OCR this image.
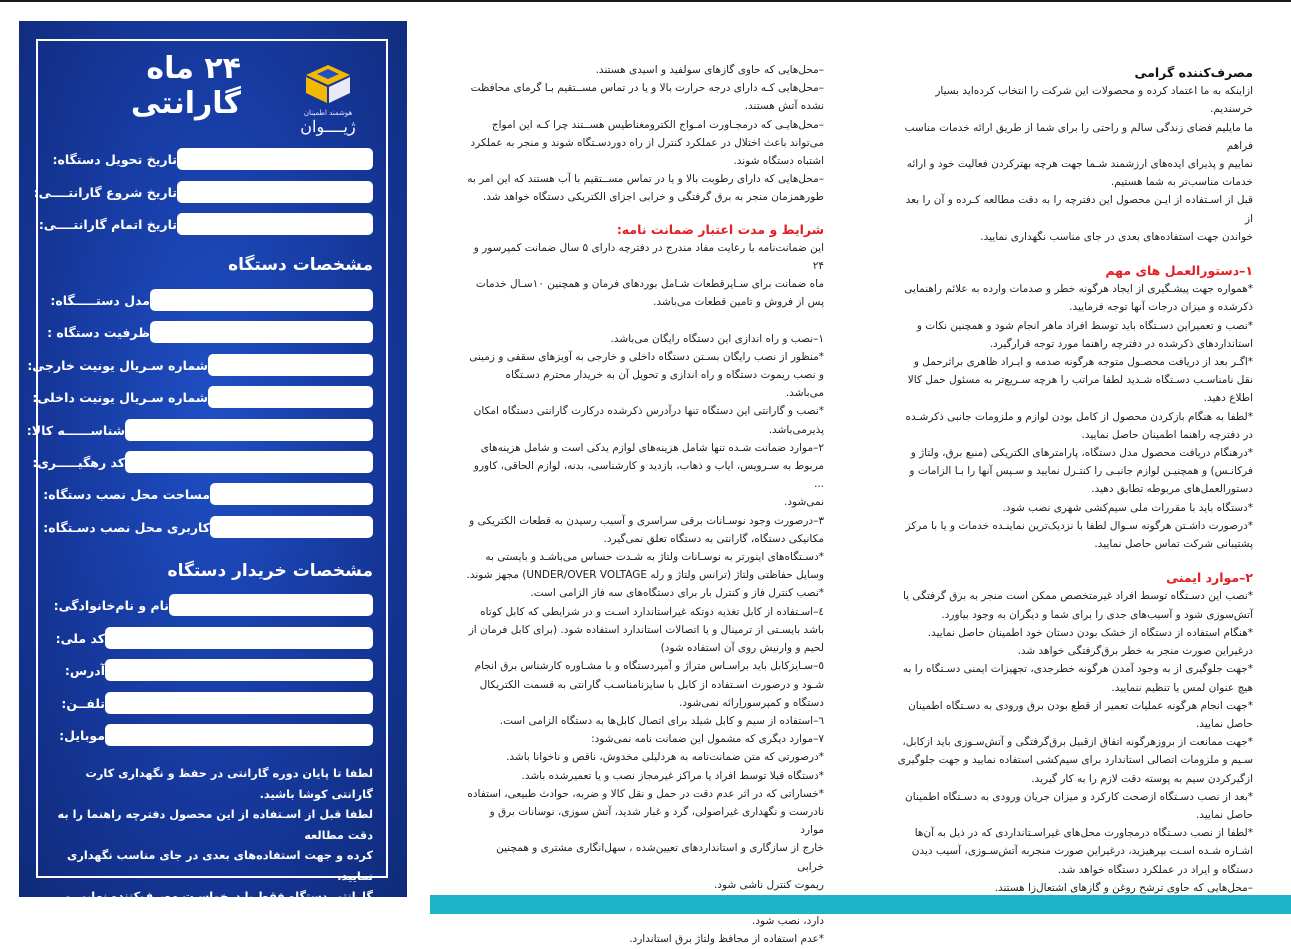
هوشمند اطمینان
ژیــــوان
۲۴ ماه گارانتی
تاریخ تحویل دستگاه:
تاریخ شروع گارانتــــی:
تاریخ اتمام گارانتــــی:
مشخصات دستگاه
مدل دستـــــگاه:
ظرفیت دستگاه :
شماره سـریال یونیت خارجی:
شماره سـریال یونیت داخلی:
شناســــــه کالا:
کد رهگیـــــری:
مساحت محل نصب دستگاه:
کاربری محل نصب دسـتگاه:
مشخصات خریدار دستگاه
نام و نام‌خانوادگی:
کد ملی:
آدرس:
تلفــن:
موبایل:
لطفا تا پایان دوره گارانتی در حفظ و نگهداری کارت گارانتی کوشا باشید.
لطفا قبل از اسـتفاده از این محصول دفترچه راهنما را به دقت مطالعه
کرده و جهت استفاده‌های بعدی در جای مناسب نگهداری نمایید.
گارانتی دستگاه فقط با درخواسـت مصرف‌کننده نهایی و پرداخت
هزینه گارانتی فعال خواهد شد.

–محل‌هایی که حاوی گازهای سولفید و اسیدی هستند.

–محل‌هایی کـه دارای درجه حرارت بالا و یا در تماس مســتقیم بـا گرمای محافظت

نشده آتش هستند.

–محل‌هایـی که درمجـاورت امـواج الکترومغناطیس هســتند چرا کـه این امواج

می‌تواند باعث اختلال در عملکرد کنترل از راه دوردسـتگاه شوند و منجر به عملکرد

اشتباه دستگاه شوند.

–محل‌هایی که دارای رطوبت بالا و یا در تماس مســتقیم با آب هستند که این امر به

طورهمزمان منجر به برق گرفتگی و خرابی اجزای الکتریکی دستگاه خواهد شد.

شرایط و مدت اعتبار ضمانت نامه:

این ضمانت‌نامه با رعایت مفاد مندرج در دفترچه دارای ۵ سال ضمانت کمپرسور و ۲۴

ماه ضمانت برای سـایرقطعات شـامل بوردهای فرمان و همچنین ۱۰سـال خدمات

پس از فروش و تامین قطعات می‌باشد.

۱–نصب و راه اندازی این دستگاه رایگان می‌باشد.

*منظور از نصب رایگان بسـتن دستگاه داخلی و خارجی به آویزهای سقفی و زمینی

و نصب ریموت دستگاه و راه اندازی و تحویل آن به خریدار محترم دسـتگاه می‌باشد.

*نصب و گارانتی این دستگاه تنها درآدرس ذکرشده درکارت گارانتی دستگاه امکان

پذیرمی‌باشد.

۲–موارد ضمانت شـده تنها شامل هزینه‌های لوازم یدکی است و شامل هزینه‌های

مربوط به سـرویس، ایاب و ذهاب، بازدید و کارشناسی، بدنه، لوازم الحاقی، کاورو ...

نمی‌شود.

۳–درصورت وجود نوسـانات برقی سراسری و آسیب رسیدن به قطعات الکتریکی و

مکانیکی دستگاه، گارانتی به دستگاه تعلق نمی‌گیرد.

*دسـتگاه‌های اینورتر به نوسـانات ولتاژ به شـدت حساس می‌باشـد و بایستی به

وسایل حفاظتی ولتاژ (ترانس ولتاژ و رله UNDER/OVER VOLTAGE) مجهز شوند.

*نصب کنترل فاز و کنترل بار برای دستگاه‌های سه فاز الزامی است.

٤–اسـتفاده از کابل تغذیه دوتکه غیراستاندارد اسـت و در شرایطی که کابل کوتاه

باشد بایسـتی از ترمینال و یا اتصالات استاندارد استفاده شود. (برای کابل فرمان از

لحیم و وارنیش روی آن استفاده شود)

٥–سـایزکابل باید براسـاس متراژ و آمپردستگاه و با مشـاوره کارشناس برق انجام

شـود و درصورت اسـتفاده از کابل با سایزنامناسـب گارانتی به قسمت الکتریکال

دستگاه و کمپرسوراِرائه نمی‌شود.

٦–استفاده از سیم و کابل شیلد برای اتصال کابل‌ها به دستگاه الزامی است.

۷–موارد دیگری که مشمول این ضمانت نامه نمی‌شود:

*درصورتی که متن ضمانت‌نامه به هردلیلی مخدوش، ناقص و ناخوانا باشد.

*دستگاه قبلا توسط افراد یا مراکز غیرمجاز نصب و یا تعمیرشده باشد.

*خساراتی که در اثر عدم دقت در حمل و نقل کالا و ضربه، حوادث طبیعی، استفاده

نادرست و نگهداری غیراصولی، گرد و غبار شدید، آتش سوزی، نوسانات برق و موارد

خارج از سازگاری و استانداردهای تعیین‌شده ، سهل‌انگاری مشتری و همچنین خرابی

ریموت کنترل ناشی شود.

دارد، نصب شود.

*عدم استفاده از محافظ ولتاژ برق استاندارد.

مصرف‌کننده گرامی

ازاینکه به ما اعتماد کرده و محصولات این شرکت را انتخاب کرده‌اید بسیار خرسندیم.

ما مایلیم فضای زندگی سالم و راحتی را برای شما از طریق ارائه خدمات مناسب فراهم

نماییم و پذیرای ایده‌های ارزشمند شـما جهت هرچه بهترکردن فعالیت خود و ارائه

خدمات مناسب‌تر به شما هستیم.

قبل از اسـتفاده از ایـن محصول این دفترچه را به دقت مطالعه کـرده و آن را بعد از

خواندن جهت استفاده‌های بعدی در جای مناسب نگهداری نمایید.

۱–دستورالعمل های مهم

*همواره جهت پیشـگیری از ایجاد هرگونه خطر و صدمات وارده به علائم راهنمایی

ذکرشده و میزان درجات آنها توجه فرمایید.

*نصب و تعمیراین دسـتگاه باید توسط افراد ماهر انجام شود و همچنین نکات و

استانداردهای ذکرشده در دفترچه راهنما مورد توجه قرارگیرد.

*اگـر بعد از دریافت محصـول متوجه هرگونه صدمه و ایـراد ظاهری براثرحمل و

نقل نامناسـب دسـتگاه شـدید لطفا مراتب را هرچه سـریع‌تر به مسئول حمل کالا

اطلاع دهید.

*لطفا به هنگام بازکردن محصول از کامل بودن لوازم و ملزومات جانبی ذکرشـده

در دفترچه راهنما اطمینان حاصل نمایید.

*درهنگام دریافت محصول مدل دستگاه، پارامترهای الکتریکی (منبع برق، ولتاژ و

فرکانـس) و همچنیـن لوازم جانبـی را کنتـرل نمایید و سـپس آنها را بـا الزامات و

دستورالعمل‌های مربوطه تطابق دهید.

*دستگاه باید با مقررات ملی سیم‌کشی شهری نصب شود.

*درصورت داشـتن هرگونه سـوال لطفا با نزدیک‌ترین نماینـده خدمات و یا با مرکز

پشتیبانی شرکت تماس حاصل نمایید.

۲–موارد ایمنی

*نصب این دسـتگاه توسط افراد غیرمتخصص ممکن است منجر به برق گرفتگی یا

آتش‌سوزی شود و آسیب‌های جدی را برای شما و دیگران به وجود بیاورد.

*هنگام استفاده از دستگاه از خشک بودن دستان خود اطمینان حاصل نمایید.

درغیراین صورت منجر به خطر برق‌گرفتگی خواهد شد.

*جهت جلوگیری از به وجود آمدن هرگونه خطرجدی، تجهیزات ایمنی دسـتگاه را به

هیچ عنوان لمس یا تنظیم ننمایید.

*جهت انجام هرگونه عملیات تعمیر از قطع بودن برق ورودی به دسـتگاه اطمینان

حاصل نمایید.

*جهت ممانعت از بروزهرگونه اتفاق ازقبیل برق‌گرفتگی و آتش‌سـوزی باید ازکابل،

سـیم و ملزومات اتصالی استاندارد برای سیم‌کشی استفاده نمایید و جهت جلوگیری

ازگیرکردن سیم به پوسته دقت لازم را به کار گیرید.

*بعد از نصب دسـتگاه ازصحت کارکرد و میزان جریان ورودی به دسـتگاه اطمینان

حاصل نمایید.

*لطفا از نصب دسـتگاه درمجاورت محل‌های غیراسـتانداردی که در ذیل به آن‌ها

اشـاره شـده اسـت بپرهیزید، درغیراین صورت منجربه آتش‌سـوزی، آسیب دیدن

دستگاه و ایراد در عملکرد دستگاه خواهد شد.

–محل‌هایی که حاوی ترشح روغن و گازهای اشتعال‌زا هستند.
